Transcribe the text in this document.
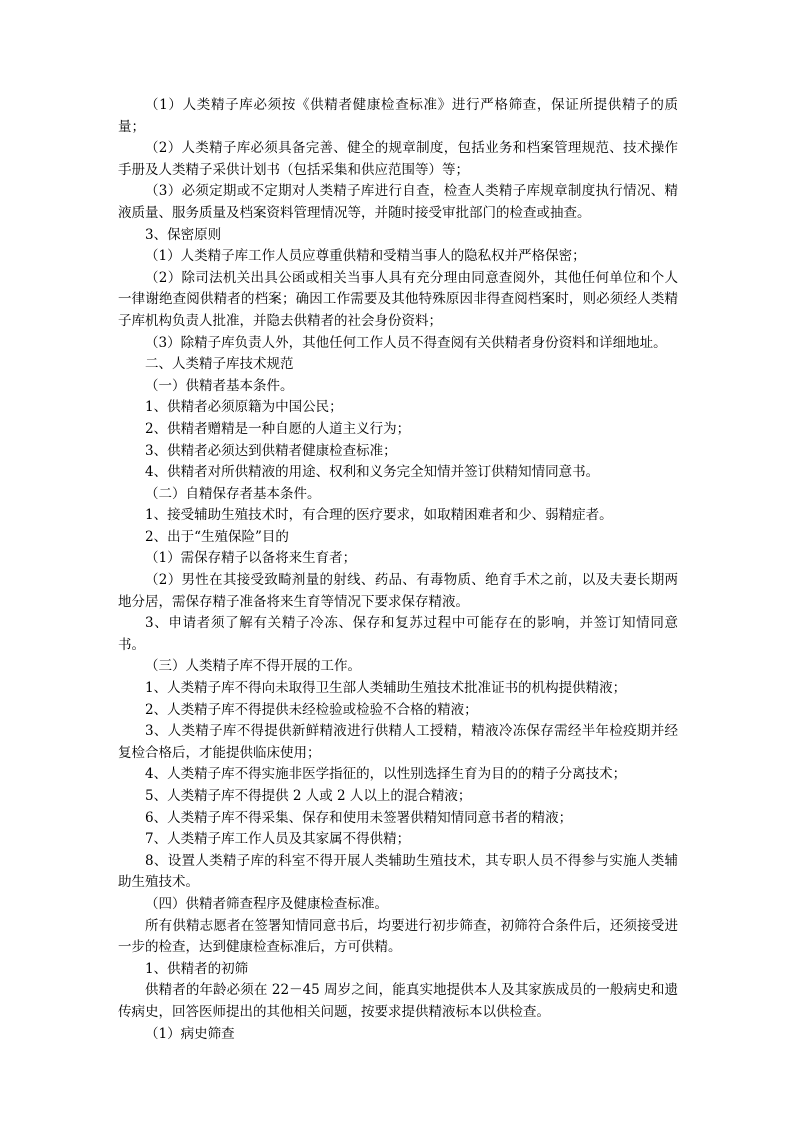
（1）人类精子库必须按《供精者健康检查标准》进行严格筛查，保证所提供精子的质量；

（2）人类精子库必须具备完善、健全的规章制度，包括业务和档案管理规范、技术操作手册及人类精子采供计划书（包括采集和供应范围等）等；

（3）必须定期或不定期对人类精子库进行自查，检查人类精子库规章制度执行情况、精液质量、服务质量及档案资料管理情况等，并随时接受审批部门的检查或抽查。

3、保密原则

（1）人类精子库工作人员应尊重供精和受精当事人的隐私权并严格保密；

（2）除司法机关出具公函或相关当事人具有充分理由同意查阅外，其他任何单位和个人一律谢绝查阅供精者的档案；确因工作需要及其他特殊原因非得查阅档案时，则必须经人类精子库机构负责人批准，并隐去供精者的社会身份资料；

（3）除精子库负责人外，其他任何工作人员不得查阅有关供精者身份资料和详细地址。

二、人类精子库技术规范

（一）供精者基本条件。

1、供精者必须原籍为中国公民；

2、供精者赠精是一种自愿的人道主义行为；

3、供精者必须达到供精者健康检查标准；

4、供精者对所供精液的用途、权利和义务完全知情并签订供精知情同意书。

（二）自精保存者基本条件。

1、接受辅助生殖技术时，有合理的医疗要求，如取精困难者和少、弱精症者。

2、出于“生殖保险”目的

（1）需保存精子以备将来生育者；

（2）男性在其接受致畸剂量的射线、药品、有毒物质、绝育手术之前，以及夫妻长期两地分居，需保存精子准备将来生育等情况下要求保存精液。

3、申请者须了解有关精子冷冻、保存和复苏过程中可能存在的影响，并签订知情同意书。

（三）人类精子库不得开展的工作。

1、人类精子库不得向未取得卫生部人类辅助生殖技术批准证书的机构提供精液；

2、人类精子库不得提供未经检验或检验不合格的精液；

3、人类精子库不得提供新鲜精液进行供精人工授精，精液冷冻保存需经半年检疫期并经复检合格后，才能提供临床使用；

4、人类精子库不得实施非医学指征的，以性别选择生育为目的的精子分离技术；

5、人类精子库不得提供 2 人或 2 人以上的混合精液；

6、人类精子库不得采集、保存和使用未签署供精知情同意书者的精液；

7、人类精子库工作人员及其家属不得供精；

8、设置人类精子库的科室不得开展人类辅助生殖技术，其专职人员不得参与实施人类辅助生殖技术。

（四）供精者筛查程序及健康检查标准。

所有供精志愿者在签署知情同意书后，均要进行初步筛查，初筛符合条件后，还须接受进一步的检查，达到健康检查标准后，方可供精。

1、供精者的初筛

供精者的年龄必须在 22－45 周岁之间，能真实地提供本人及其家族成员的一般病史和遗传病史，回答医师提出的其他相关问题，按要求提供精液标本以供检查。

（1）病史筛查
